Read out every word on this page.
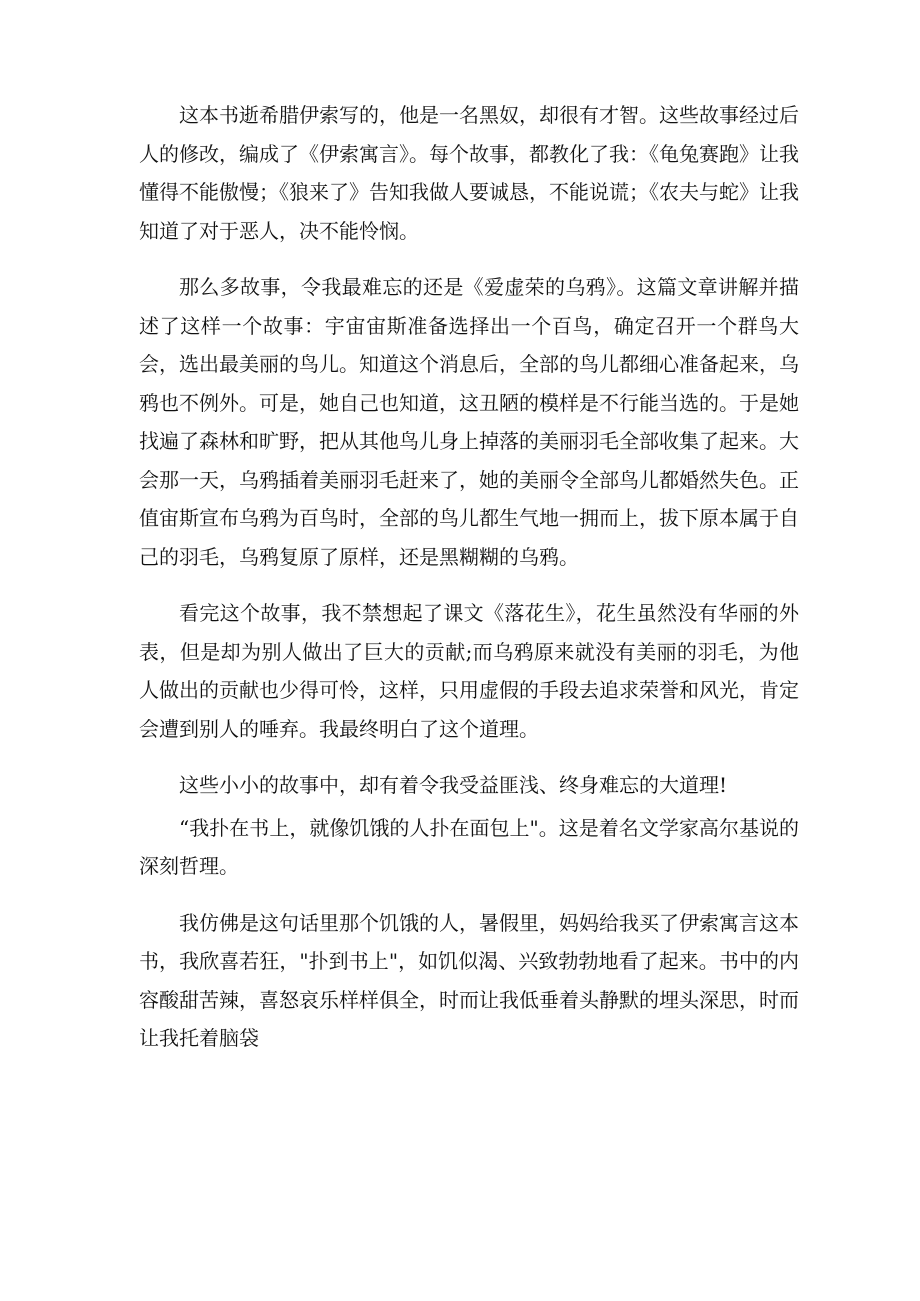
这本书逝希腊伊索写的，他是一名黑奴，却很有才智。这些故事经过后人的修改，编成了《伊索寓言》。每个故事，都教化了我：《龟兔赛跑》让我懂得不能傲慢；《狼来了》告知我做人要诚恳，不能说谎；《农夫与蛇》让我知道了对于恶人，决不能怜悯。

那么多故事，令我最难忘的还是《爱虚荣的乌鸦》。这篇文章讲解并描述了这样一个故事：宇宙宙斯准备选择出一个百鸟，确定召开一个群鸟大会，选出最美丽的鸟儿。知道这个消息后，全部的鸟儿都细心准备起来，乌鸦也不例外。可是，她自己也知道，这丑陋的模样是不行能当选的。于是她找遍了森林和旷野，把从其他鸟儿身上掉落的美丽羽毛全部收集了起来。大会那一天，乌鸦插着美丽羽毛赶来了，她的美丽令全部鸟儿都婚然失色。正值宙斯宣布乌鸦为百鸟时，全部的鸟儿都生气地一拥而上，拔下原本属于自己的羽毛，乌鸦复原了原样，还是黑糊糊的乌鸦。

看完这个故事，我不禁想起了课文《落花生》，花生虽然没有华丽的外表，但是却为别人做出了巨大的贡献;而乌鸦原来就没有美丽的羽毛，为他人做出的贡献也少得可怜，这样，只用虚假的手段去追求荣誉和风光，肯定会遭到别人的唾弃。我最终明白了这个道理。

这些小小的故事中，却有着令我受益匪浅、终身难忘的大道理!

“我扑在书上，就像饥饿的人扑在面包上"。这是着名文学家高尔基说的深刻哲理。

我仿佛是这句话里那个饥饿的人，暑假里，妈妈给我买了伊索寓言这本书，我欣喜若狂，"扑到书上"，如饥似渴、兴致勃勃地看了起来。书中的内容酸甜苦辣，喜怒哀乐样样俱全，时而让我低垂着头静默的埋头深思，时而让我托着脑袋
